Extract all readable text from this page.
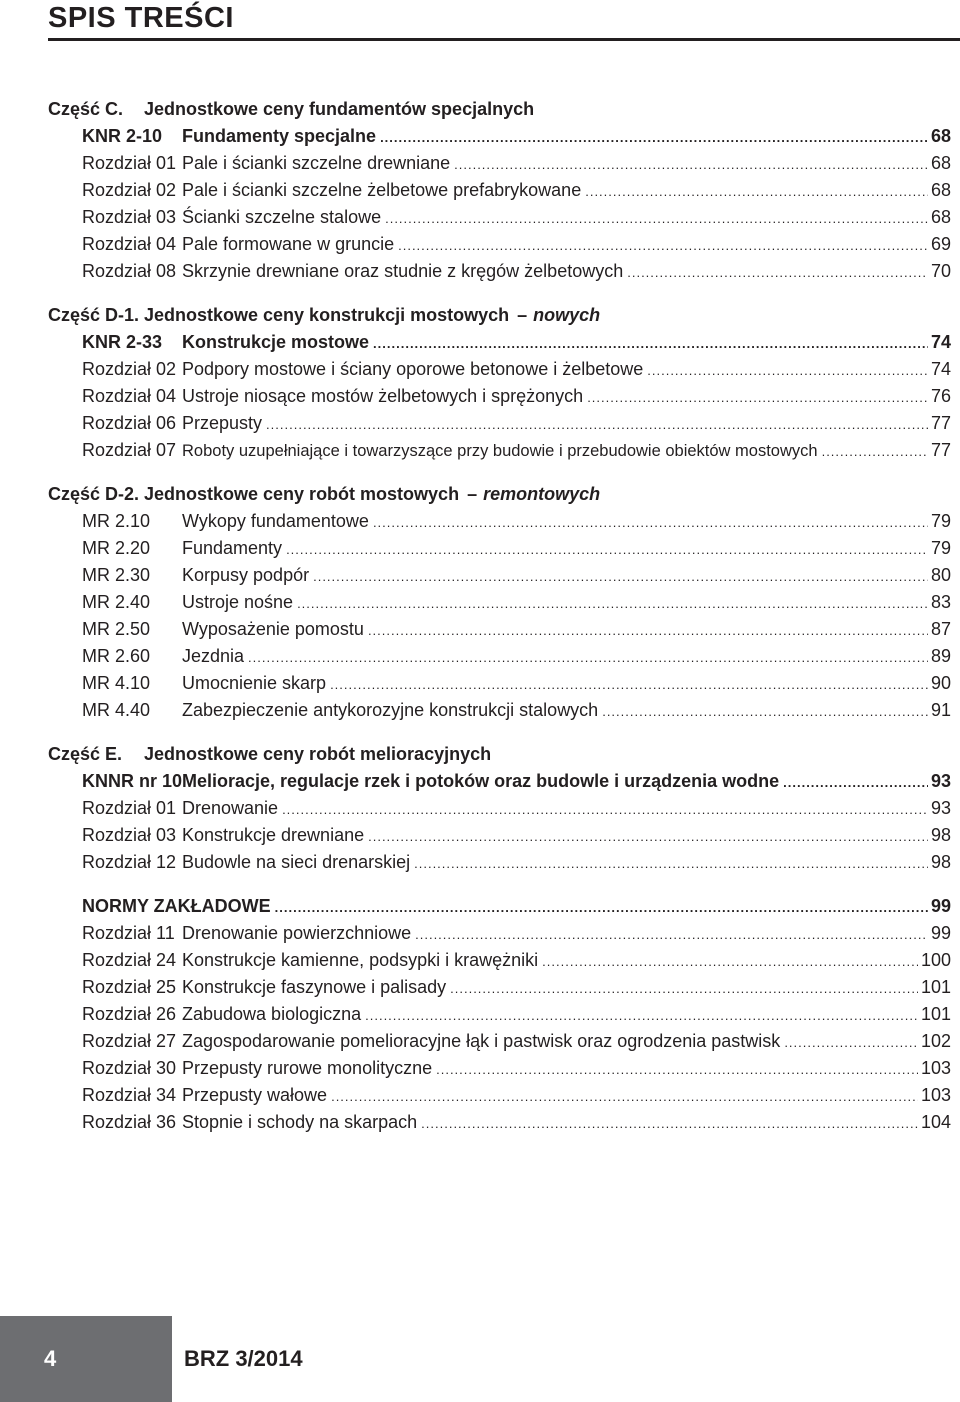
SPIS TREŚCI
Część C. Jednostkowe ceny fundamentów specjalnych
KNR 2-10	Fundamenty specjalne .....	68
Rozdział 01 Pale i ścianki szczelne drewniane .....	68
Rozdział 02 Pale i ścianki szczelne żelbetowe prefabrykowane .....	68
Rozdział 03 Ścianki szczelne stalowe .....	68
Rozdział 04 Pale formowane w gruncie .....	69
Rozdział 08 Skrzynie drewniane oraz studnie z kręgów żelbetowych .....	70
Część D-1. Jednostkowe ceny konstrukcji mostowych – nowych
KNR 2-33	Konstrukcje mostowe .....	74
Rozdział 02 Podpory mostowe i ściany oporowe betonowe i żelbetowe .....	74
Rozdział 04 Ustroje niosące mostów żelbetowych i sprężonych .....	76
Rozdział 06 Przepusty .....	77
Rozdział 07 Roboty uzupełniające i towarzyszące przy budowie i przebudowie obiektów mostowych .....	77
Część D-2. Jednostkowe ceny robót mostowych – remontowych
MR 2.10	Wykopy fundamentowe .....	79
MR 2.20	Fundamenty .....	79
MR 2.30	Korpusy podpór .....	80
MR 2.40	Ustroje nośne .....	83
MR 2.50	Wyposażenie pomostu .....	87
MR 2.60	Jezdnia .....	89
MR 4.10	Umocnienie skarp .....	90
MR 4.40	Zabezpieczenie antykorozyjne konstrukcji stalowych .....	91
Część E. Jednostkowe ceny robót melioracyjnych
KNNR nr 10 Melioracje, regulacje rzek i potoków oraz budowle i urządzenia wodne .....	93
Rozdział 01 Drenowanie .....	93
Rozdział 03 Konstrukcje drewniane .....	98
Rozdział 12 Budowle na sieci drenarskiej .....	98
NORMY ZAKŁADOWE .....	99
Rozdział 11 Drenowanie powierzchniowe .....	99
Rozdział 24 Konstrukcje kamienne, podsypki i krawężniki .....	100
Rozdział 25 Konstrukcje faszynowe i palisady .....	101
Rozdział 26 Zabudowa biologiczna .....	101
Rozdział 27 Zagospodarowanie pomelioracyjne łąk i pastwisk oraz ogrodzenia pastwisk .....	102
Rozdział 30 Przepusty rurowe monolityczne .....	103
Rozdział 34 Przepusty wałowe .....	103
Rozdział 36 Stopnie i schody na skarpach .....	104
4	BRZ 3/2014
